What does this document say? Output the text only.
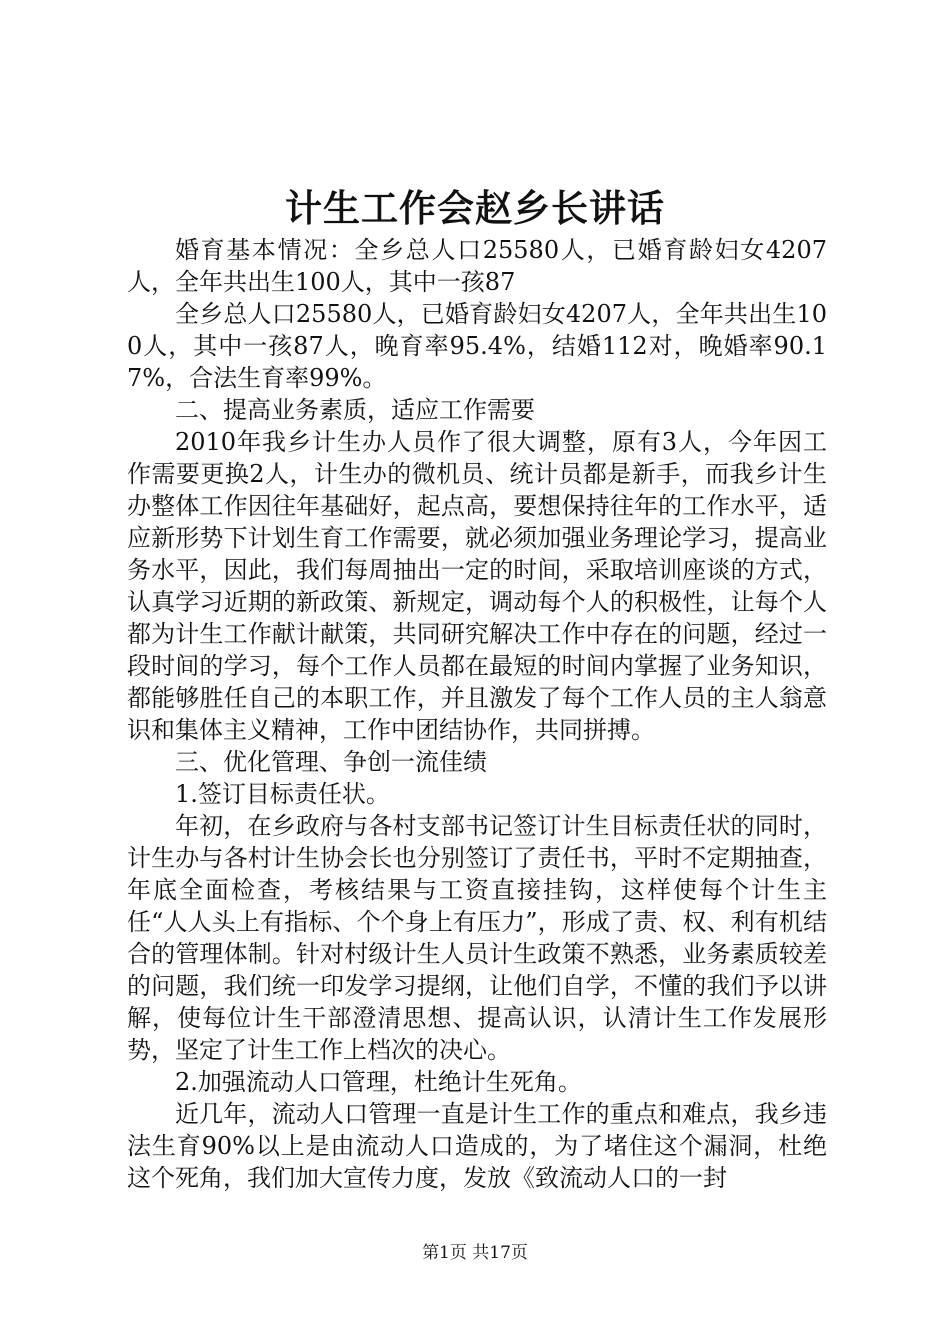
计生工作会赵乡长讲话

婚育基本情况：全乡总人口25580人，已婚育龄妇女4207人，全年共出生100人，其中一孩87

全乡总人口25580人，已婚育龄妇女4207人，全年共出生100人，其中一孩87人，晚育率95.4%，结婚112对，晚婚率90.17%，合法生育率99%。

二、提高业务素质，适应工作需要

2010年我乡计生办人员作了很大调整，原有3人，今年因工作需要更换2人，计生办的微机员、统计员都是新手，而我乡计生办整体工作因往年基础好，起点高，要想保持往年的工作水平，适应新形势下计划生育工作需要，就必须加强业务理论学习，提高业务水平，因此，我们每周抽出一定的时间，采取培训座谈的方式，认真学习近期的新政策、新规定，调动每个人的积极性，让每个人都为计生工作献计献策，共同研究解决工作中存在的问题，经过一段时间的学习，每个工作人员都在最短的时间内掌握了业务知识，都能够胜任自己的本职工作，并且激发了每个工作人员的主人翁意识和集体主义精神，工作中团结协作，共同拼搏。

三、优化管理、争创一流佳绩

1.签订目标责任状。

年初，在乡政府与各村支部书记签订计生目标责任状的同时，计生办与各村计生协会长也分别签订了责任书，平时不定期抽查，年底全面检查，考核结果与工资直接挂钩，这样使每个计生主任“人人头上有指标、个个身上有压力”，形成了责、权、利有机结合的管理体制。针对村级计生人员计生政策不熟悉，业务素质较差的问题，我们统一印发学习提纲，让他们自学，不懂的我们予以讲解，使每位计生干部澄清思想、提高认识，认清计生工作发展形势，坚定了计生工作上档次的决心。

2.加强流动人口管理，杜绝计生死角。

近几年，流动人口管理一直是计生工作的重点和难点，我乡违法生育90%以上是由流动人口造成的，为了堵住这个漏洞，杜绝这个死角，我们加大宣传力度，发放《致流动人口的一封

第1页 共17页
